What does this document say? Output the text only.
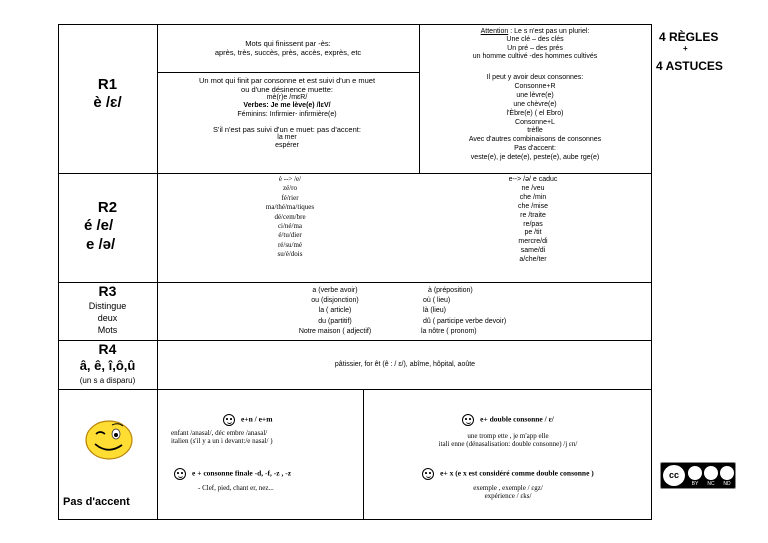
4 RÈGLES
+
4 ASTUCES
R1
è /ɛ/
Mots qui finissent par -ès:
après, très, succès, près, accès, exprès, etc
Attention : Le s n'est pas un pluriel:
Une clé – des clés
Un pré – des prés
un homme cultivé -des hommes cultivés
Un mot qui finit par consonne et est suivi d'un e muet
ou d'une désinence muette:
mè(r)e /mɛR/
Verbes: Je me lève(e) /lɛV/
Féminins: Infirmier- infirmière(e)
S'il n'est pas suivi d'un e muet: pas d'accent:
la mer
espérer
Il peut y avoir deux consonnes:
Consonne+R
une lèvre(e)
une chèvre(e)
l'Èbre(e) ( el Ebro)
Consonne+L
trèfle
Avec d'autres combinaisons de consonnes
Pas d'accent:
veste(e), je dete(e), peste(e), aube rge(e)
R2
é /e/
e /ə/
è --> /e/
zé/ro
fé/rier
ma/thé/ma/tiques
dé/cem/bre
ci/né/ma
é/tu/dier
ré/su/mé
su/é/dois
e--> /ə/ e caduc
ne /veu
che /min
che /mise
re /traite
re/pas
pe /tit
mercre/di
same/di
a/che/ter
R3
Distingue
deux
Mots
a (verbe avoir)
ou (disjonction)
la ( article)
du (partitif)
Notre maison ( adjectif)
à (préposition)
où ( lieu)
là (lieu)
dû ( participe verbe devoir)
la nôtre ( pronom)
R4
â, ê, î,ô,û
(un s a disparu)
pâtissier, for êt (ê : / ɛ/), abîme, hôpital, aoûte
Pas d'accent
e+n / e+m
enfant /anasal/, déc embre /anasal/
italien (s'il y a un i devant:/e nasal/ )
e + consonne finale -d, -f, -z , -z
- Clef, pied, chant er, nez...
e+ double consonne / ɛ/
une tromp ette , je m'app elle
itali enne (dénasalisation: double consonne) /j ɛn/
e+ x (e x est considéré comme double consonne )
exemple , exemple / ɛgz/
expérience / ɛks/
cc
BY	NC	ND
